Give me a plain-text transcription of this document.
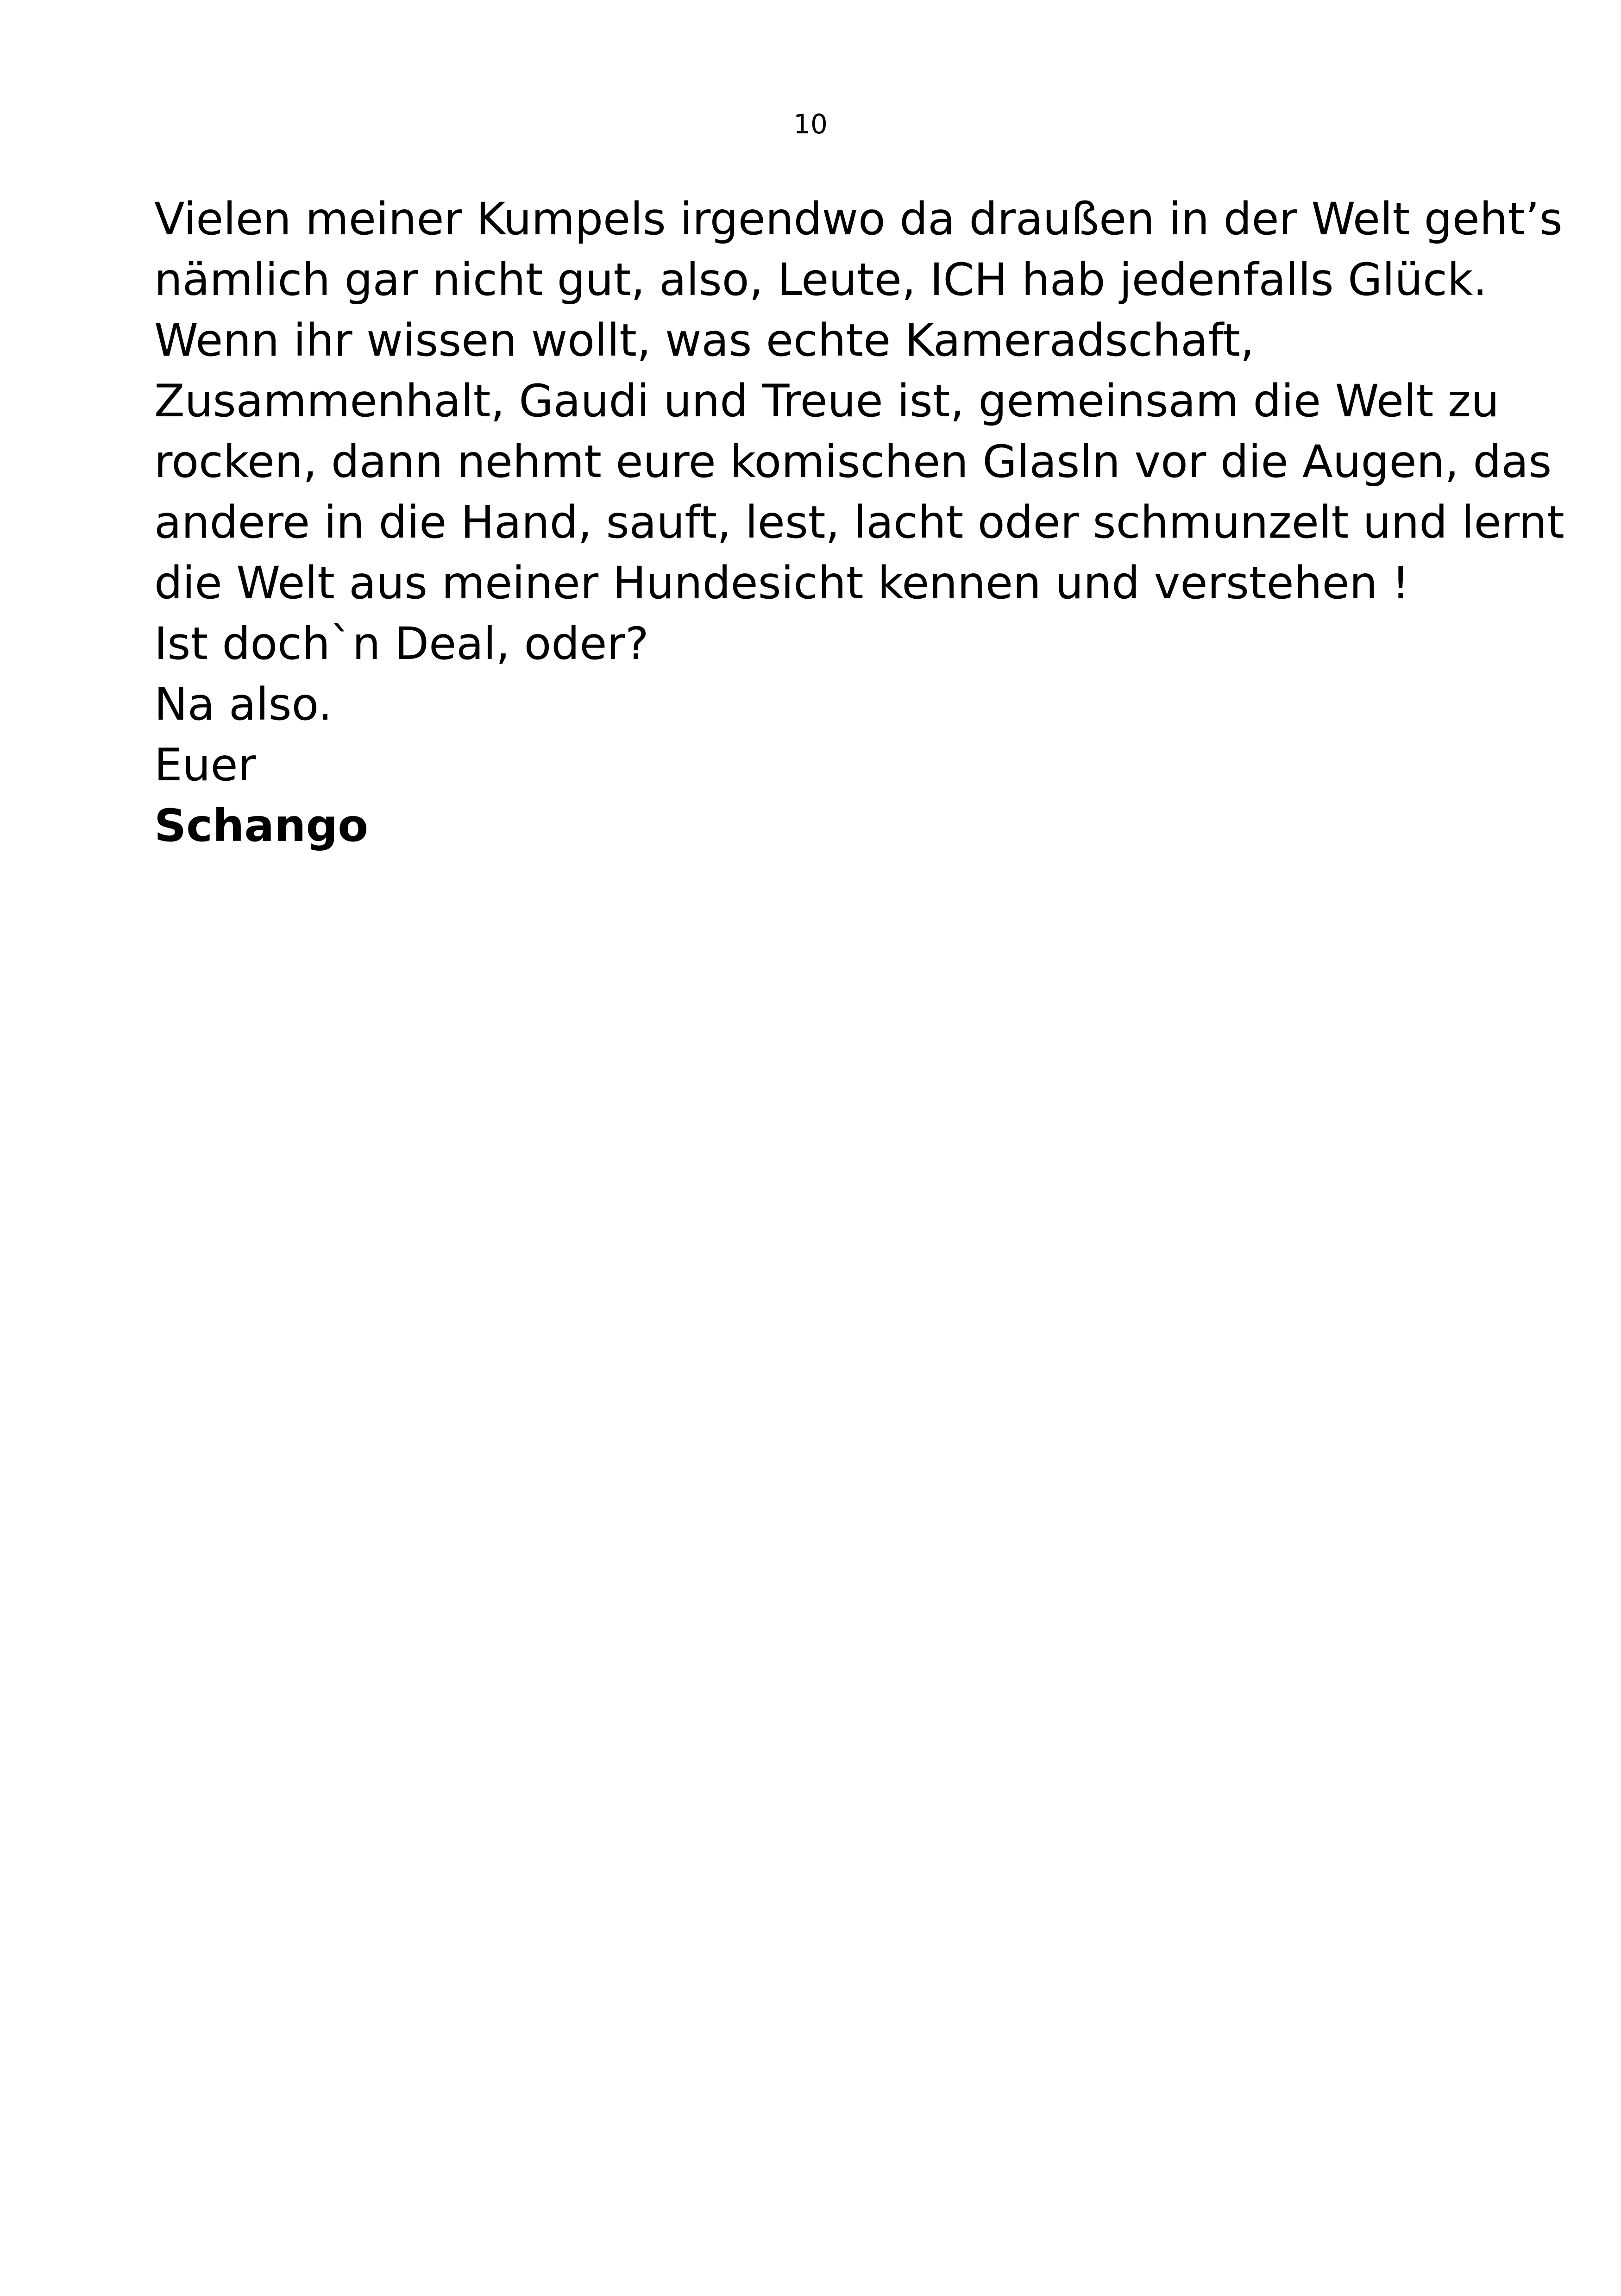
10
Vielen meiner Kumpels irgendwo da draußen in der Welt geht’s
nämlich gar nicht gut, also, Leute, ICH hab jedenfalls Glück.
Wenn ihr wissen wollt, was echte Kameradschaft,
Zusammenhalt, Gaudi und Treue ist, gemeinsam die Welt zu
rocken, dann nehmt eure komischen Glasln vor die Augen, das
andere in die Hand, sauft, lest, lacht oder schmunzelt und lernt
die Welt aus meiner Hundesicht kennen und verstehen !
Ist doch`n Deal, oder?
Na also.
Euer
Schango
